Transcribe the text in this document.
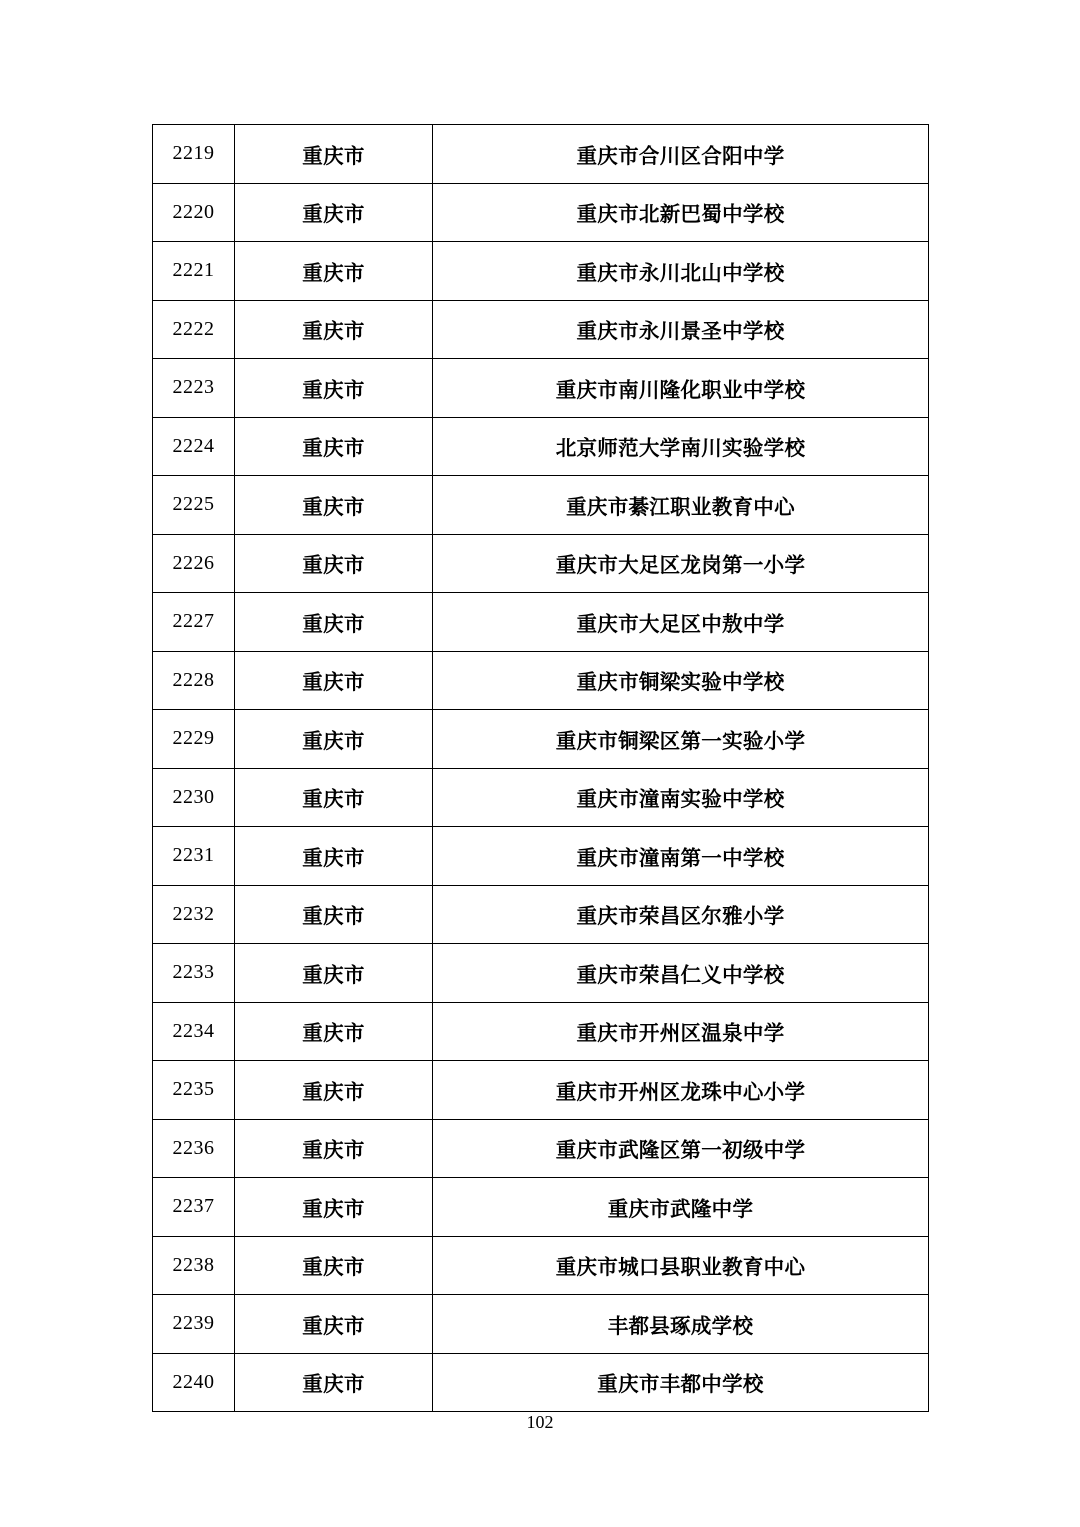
2219	重庆市	重庆市合川区合阳中学
2220	重庆市	重庆市北新巴蜀中学校
2221	重庆市	重庆市永川北山中学校
2222	重庆市	重庆市永川景圣中学校
2223	重庆市	重庆市南川隆化职业中学校
2224	重庆市	北京师范大学南川实验学校
2225	重庆市	重庆市綦江职业教育中心
2226	重庆市	重庆市大足区龙岗第一小学
2227	重庆市	重庆市大足区中敖中学
2228	重庆市	重庆市铜梁实验中学校
2229	重庆市	重庆市铜梁区第一实验小学
2230	重庆市	重庆市潼南实验中学校
2231	重庆市	重庆市潼南第一中学校
2232	重庆市	重庆市荣昌区尔雅小学
2233	重庆市	重庆市荣昌仁义中学校
2234	重庆市	重庆市开州区温泉中学
2235	重庆市	重庆市开州区龙珠中心小学
2236	重庆市	重庆市武隆区第一初级中学
2237	重庆市	重庆市武隆中学
2238	重庆市	重庆市城口县职业教育中心
2239	重庆市	丰都县琢成学校
2240	重庆市	重庆市丰都中学校
102
